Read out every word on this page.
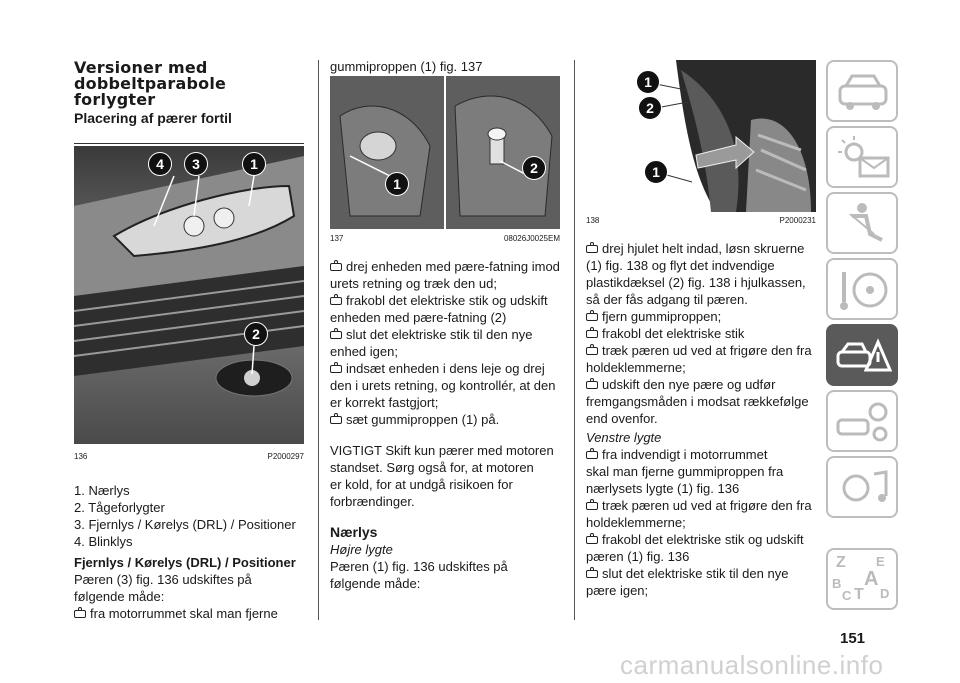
Versioner med
dobbeltparabole
forlygter
Placering af pærer fortil
4	3	1
2
136	P2000297
1. Nærlys
2. Tågeforlygter
3. Fjernlys / Kørelys (DRL) / Positioner
4. Blinklys
Fjernlys / Kørelys (DRL) / Positioner
Pæren (3) fig. 136 udskiftes på
følgende måde:
fra motorrummet skal man fjerne
gummiproppen (1) fig. 137
1
2
137	08026J0025EM
drej enheden med pære-fatning imod
urets retning og træk den ud;
frakobl det elektriske stik og udskift
enheden med pære-fatning (2)
slut det elektriske stik til den nye
enhed igen;
indsæt enheden i dens leje og drej
den i urets retning, og kontrollér, at den
er korrekt fastgjort;
sæt gummiproppen (1) på.
VIGTIGT Skift kun pærer med motoren
standset. Sørg også for, at motoren
er kold, for at undgå risikoen for
forbrændinger.
Nærlys
Højre lygte
Pæren (1) fig. 136 udskiftes på
følgende måde:
1
2
1
138	P2000231
drej hjulet helt indad, løsn skruerne
(1) fig. 138 og flyt det indvendige
plastikdæksel (2) fig. 138 i hjulkassen,
så der fås adgang til pæren.
fjern gummiproppen;
frakobl det elektriske stik
træk pæren ud ved at frigøre den fra
holdeklemmerne;
udskift den nye pære og udfør
fremgangsmåden i modsat rækkefølge
end ovenfor.
Venstre lygte
fra indvendigt i motorrummet
skal man fjerne gummiproppen fra
nærlysets lygte (1) fig. 136
træk pæren ud ved at frigøre den fra
holdeklemmerne;
frakobl det elektriske stik og udskift
pæren (1) fig. 136
slut det elektriske stik til den nye
pære igen;
Z E
A
B
C T D
151
carmanualsonline.info
